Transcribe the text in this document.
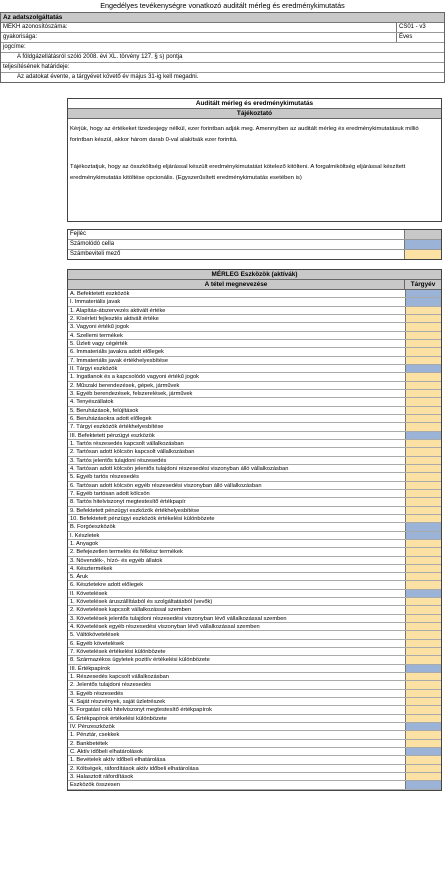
Engedélyes tevékenységre vonatkozó auditált mérleg és eredménykimutatás
Az adatszolgáltatás
MEKH azonosítószáma:	CS01 - v3
gyakorisága:	Éves
jogcíme:
A földgázellátásról szóló 2008. évi XL. törvény 127. § s) pontja
teljesítésének határideje:
Az adatokat évente, a tárgyévet követő év május 31-ig kell megadni.
Auditált mérleg és eredménykimutatás
Tájékoztató
Kérjük, hogy az értékeket tizedesjegy nélkül, ezer forintban adják meg. Amennyiben az auditált mérleg és eredménykimutatásuk millió forintban készül, akkor három darab 0-val alakítsák ezer forinttá.
Tájékoztatjuk, hogy az összköltség eljárással készült eredménykimutatást kötelező kitölteni. A forgalmiköltség eljárással készített eredménykimutatás kitöltése opcionális. (Egyszerűsített eredménykimutatás esetében is)
Fejléc
Számolódó cella
Számbeviteli mező
MÉRLEG Eszközök (aktívák)
A tétel megnevezése	Tárgyév
A. Befektetett eszközök
I. Immateriális javak
1. Alapítás-átszervezés aktivált értéke
2. Kísérleti fejlesztés aktivált értéke
3. Vagyoni értékű jogok
4. Szellemi termékek
5. Üzleti vagy cégérték
6. Immateriális javakra adott előlegek
7. Immateriális javak értékhelyesbítése
II. Tárgyi eszközök
1. Ingatlanok és a kapcsolódó vagyoni értékű jogok
2. Műszaki berendezések, gépek, járművek
3. Egyéb berendezések, felszerelések, járművek
4. Tenyészállatok
5. Beruházások, felújítások
6. Beruházásokra adott előlegek
7. Tárgyi eszközök értékhelyesbítése
III. Befektetett pénzügyi eszközök
1. Tartós részesedés kapcsolt vállalkozásban
2. Tartósan adott kölcsön kapcsolt vállalkozásban
3. Tartós jelentős tulajdoni részesedés
4. Tartósan adott kölcsön jelentős tulajdoni részesedési viszonyban álló vállalkozásban
5. Egyéb tartós részesedés
6. Tartósan adott kölcsön egyéb részesedési viszonyban álló vállalkozásban
7. Egyéb tartósan adott kölcsön
8. Tartós hitelviszonyt megtestesítő értékpapír
9. Befektetett pénzügyi eszközök értékhelyesbítése
10. Befektetett pénzügyi eszközök értékelési különbözete
B. Forgóeszközök
I. Készletek
1. Anyagok
2. Befejezetlen termelés és félkész termékek
3. Növendék-, hízó- és egyéb állatok
4. Késztermékek
5. Áruk
6. Készletekre adott előlegek
II. Követelések
1. Követelések áruszállításból és szolgáltatásból (vevők)
2. Követelések kapcsolt vállalkozással szemben
3. Követelések jelentős tulajdoni részesedési viszonyban lévő vállalkozással szemben
4. Követelések egyéb részesedési viszonyban lévő vállalkozással szemben
5. Váltókövetelések
6. Egyéb követelések
7. Követelések értékelési különbözete
8. Származékos ügyletek pozitív értékelési különbözete
III. Értékpapírok
1. Részesedés kapcsolt vállalkozásban
2. Jelentős tulajdoni részesedés
3. Egyéb részesedés
4. Saját részvények, saját üzletrészek
5. Forgatási célú hitelviszonyt megtestesítő értékpapírok
6. Értékpapírok értékelési különbözete
IV. Pénzeszközök
1. Pénztár, csekkek
2. Bankbetétek
C. Aktív időbeli elhatárolások
1. Bevételek aktív időbeli elhatárolása
2. Költségek, ráfordítások aktív időbeli elhatárolása
3. Halasztott ráfordítások
Eszközök összesen
